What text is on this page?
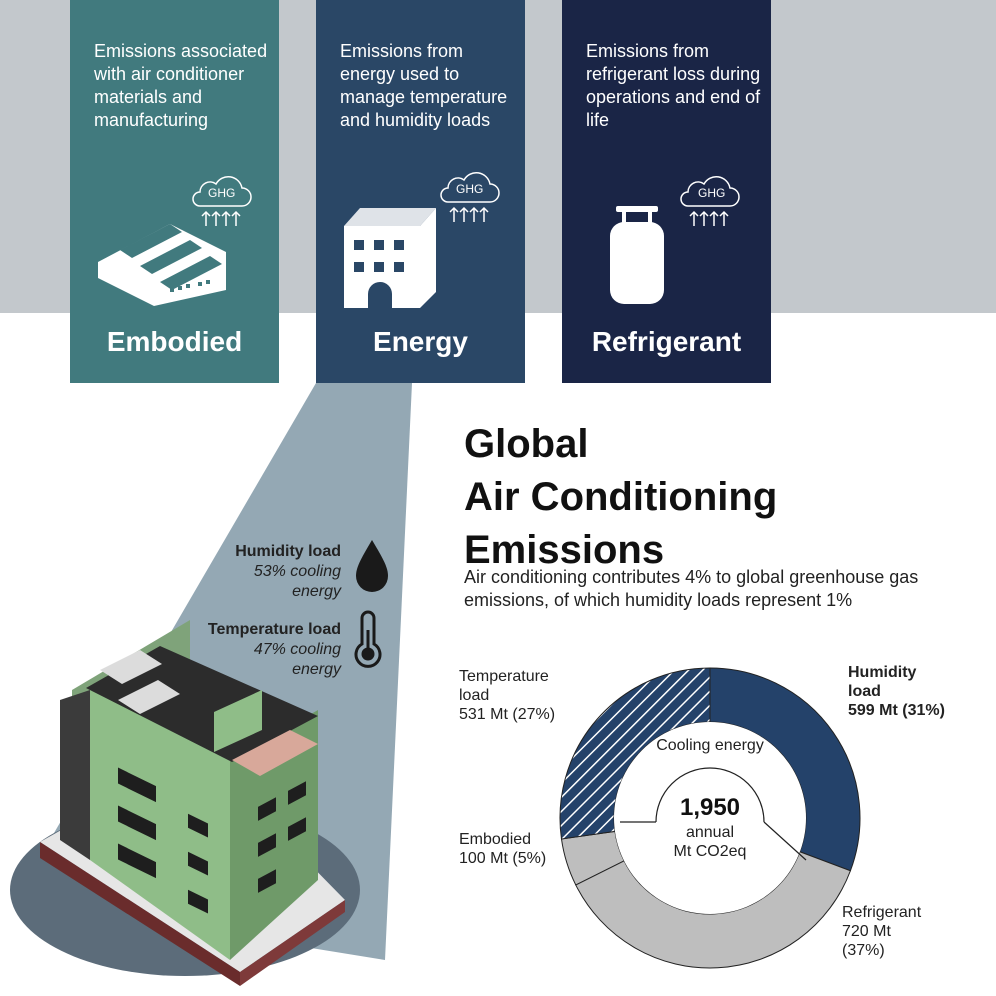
Emissions associated with air conditioner materials and manufacturing
Embodied
Emissions from energy used to manage temperature and humidity loads
Energy
Emissions from refrigerant loss during operations and end of life
Refrigerant
GHG	GHG	GHG
Humidity load
53% cooling energy
Temperature load
47% cooling energy
Global
Air Conditioning
Emissions
Air conditioning contributes 4% to global greenhouse gas emissions, of which humidity loads represent 1%
Humidity
load
599 Mt (31%)
Refrigerant
720 Mt
(37%)
Embodied
100 Mt (5%)
Temperature
load
531 Mt (27%)
Cooling energy
1,950
annual
Mt CO2eq
